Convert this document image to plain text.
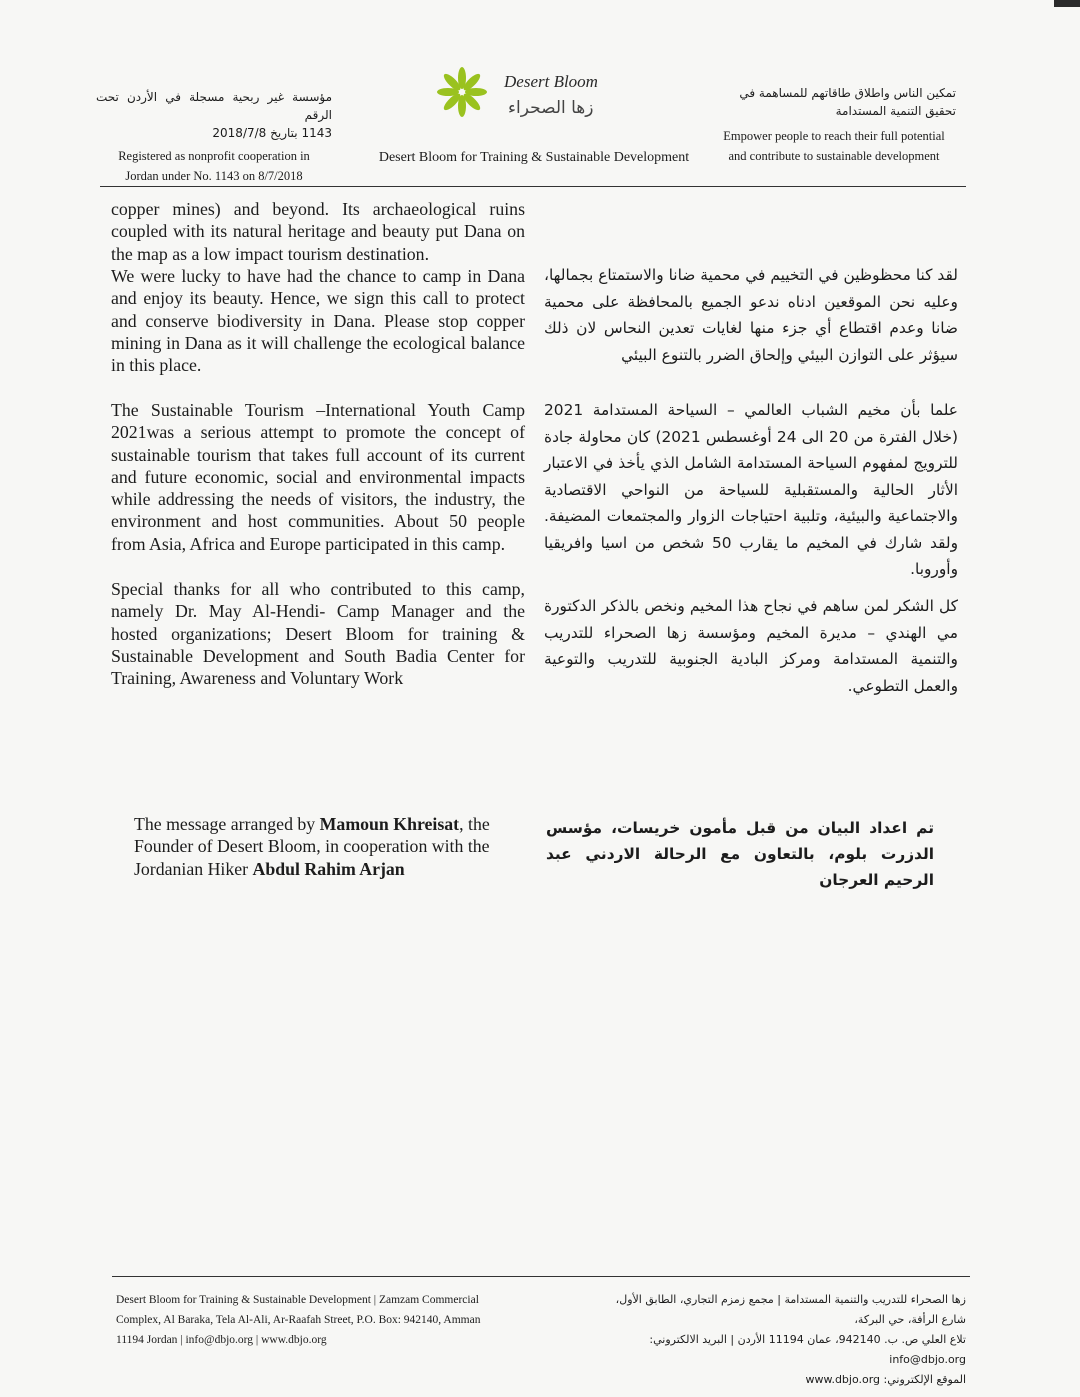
مؤسسة غير ربحية مسجلة في الأردن تحت الرقم
1143 بتاريخ 2018/7/8
Registered as nonprofit cooperation in
Jordan under No. 1143 on 8/7/2018
Desert Bloom
زها الصحراء
Desert Bloom for Training & Sustainable Development
تمكين الناس واطلاق طاقاتهم للمساهمة في
تحقيق التنمية المستدامة
Empower people to reach their full potential
and contribute to sustainable development
copper mines) and beyond. Its archaeological ruins coupled with its natural heritage and beauty put Dana on the map as a low impact tourism destination.
We were lucky to have had the chance to camp in Dana and enjoy its beauty. Hence, we sign this call to protect and conserve biodiversity in Dana. Please stop copper mining in Dana as it will challenge the ecological balance in this place.
The Sustainable Tourism –International Youth Camp 2021was a serious attempt to promote the concept of sustainable tourism that takes full account of its current and future economic, social and environmental impacts while addressing the needs of visitors, the industry, the environment and host communities. About 50 people from Asia, Africa and Europe participated in this camp.
Special thanks for all who contributed to this camp, namely Dr. May Al-Hendi- Camp Manager and the hosted organizations; Desert Bloom for training & Sustainable Development and South Badia Center for Training, Awareness and Voluntary Work
لقد كنا محظوظين في التخييم في محمية ضانا والاستمتاع بجمالها، وعليه نحن الموقعين ادناه ندعو الجميع بالمحافظة على محمية ضانا وعدم اقتطاع أي جزء منها لغايات تعدين النحاس لان ذلك سيؤثر على التوازن البيئي وإلحاق الضرر بالتنوع البيئي
علما بأن مخيم الشباب العالمي – السياحة المستدامة 2021 (خلال الفترة من 20 الى 24 أوغسطس 2021) كان محاولة جادة للترويج لمفهوم السياحة المستدامة الشامل الذي يأخذ في الاعتبار الأثار الحالية والمستقبلية للسياحة من النواحي الاقتصادية والاجتماعية والبيئية، وتلبية احتياجات الزوار والمجتمعات المضيفة. ولقد شارك في المخيم ما يقارب 50 شخص من اسيا وافريقيا وأوروبا.
كل الشكر لمن ساهم في نجاح هذا المخيم ونخص بالذكر الدكتورة مي الهندي – مديرة المخيم ومؤسسة زها الصحراء للتدريب والتنمية المستدامة ومركز البادية الجنوبية للتدريب والتوعية والعمل التطوعي.
The message arranged by Mamoun Khreisat, the Founder of Desert Bloom, in cooperation with the Jordanian Hiker Abdul Rahim Arjan
تم اعداد البيان من قبل مأمون خريسات، مؤسس الدزرت بلوم، بالتعاون مع الرحالة الاردني عبد الرحيم العرجان
Desert Bloom for Training & Sustainable Development | Zamzam Commercial
Complex, Al Baraka, Tela Al-Ali, Ar-Raafah Street, P.O. Box: 942140, Amman
11194 Jordan | info@dbjo.org | www.dbjo.org
زها الصحراء للتدريب والتنمية المستدامة | مجمع زمزم التجاري، الطابق الأول، شارع الرأفة، حي البركة،
تلاع العلي ص. ب. 942140، عمان 11194 الأردن | البريد الالكتروني: info@dbjo.org
الموقع الإلكتروني: www.dbjo.org
